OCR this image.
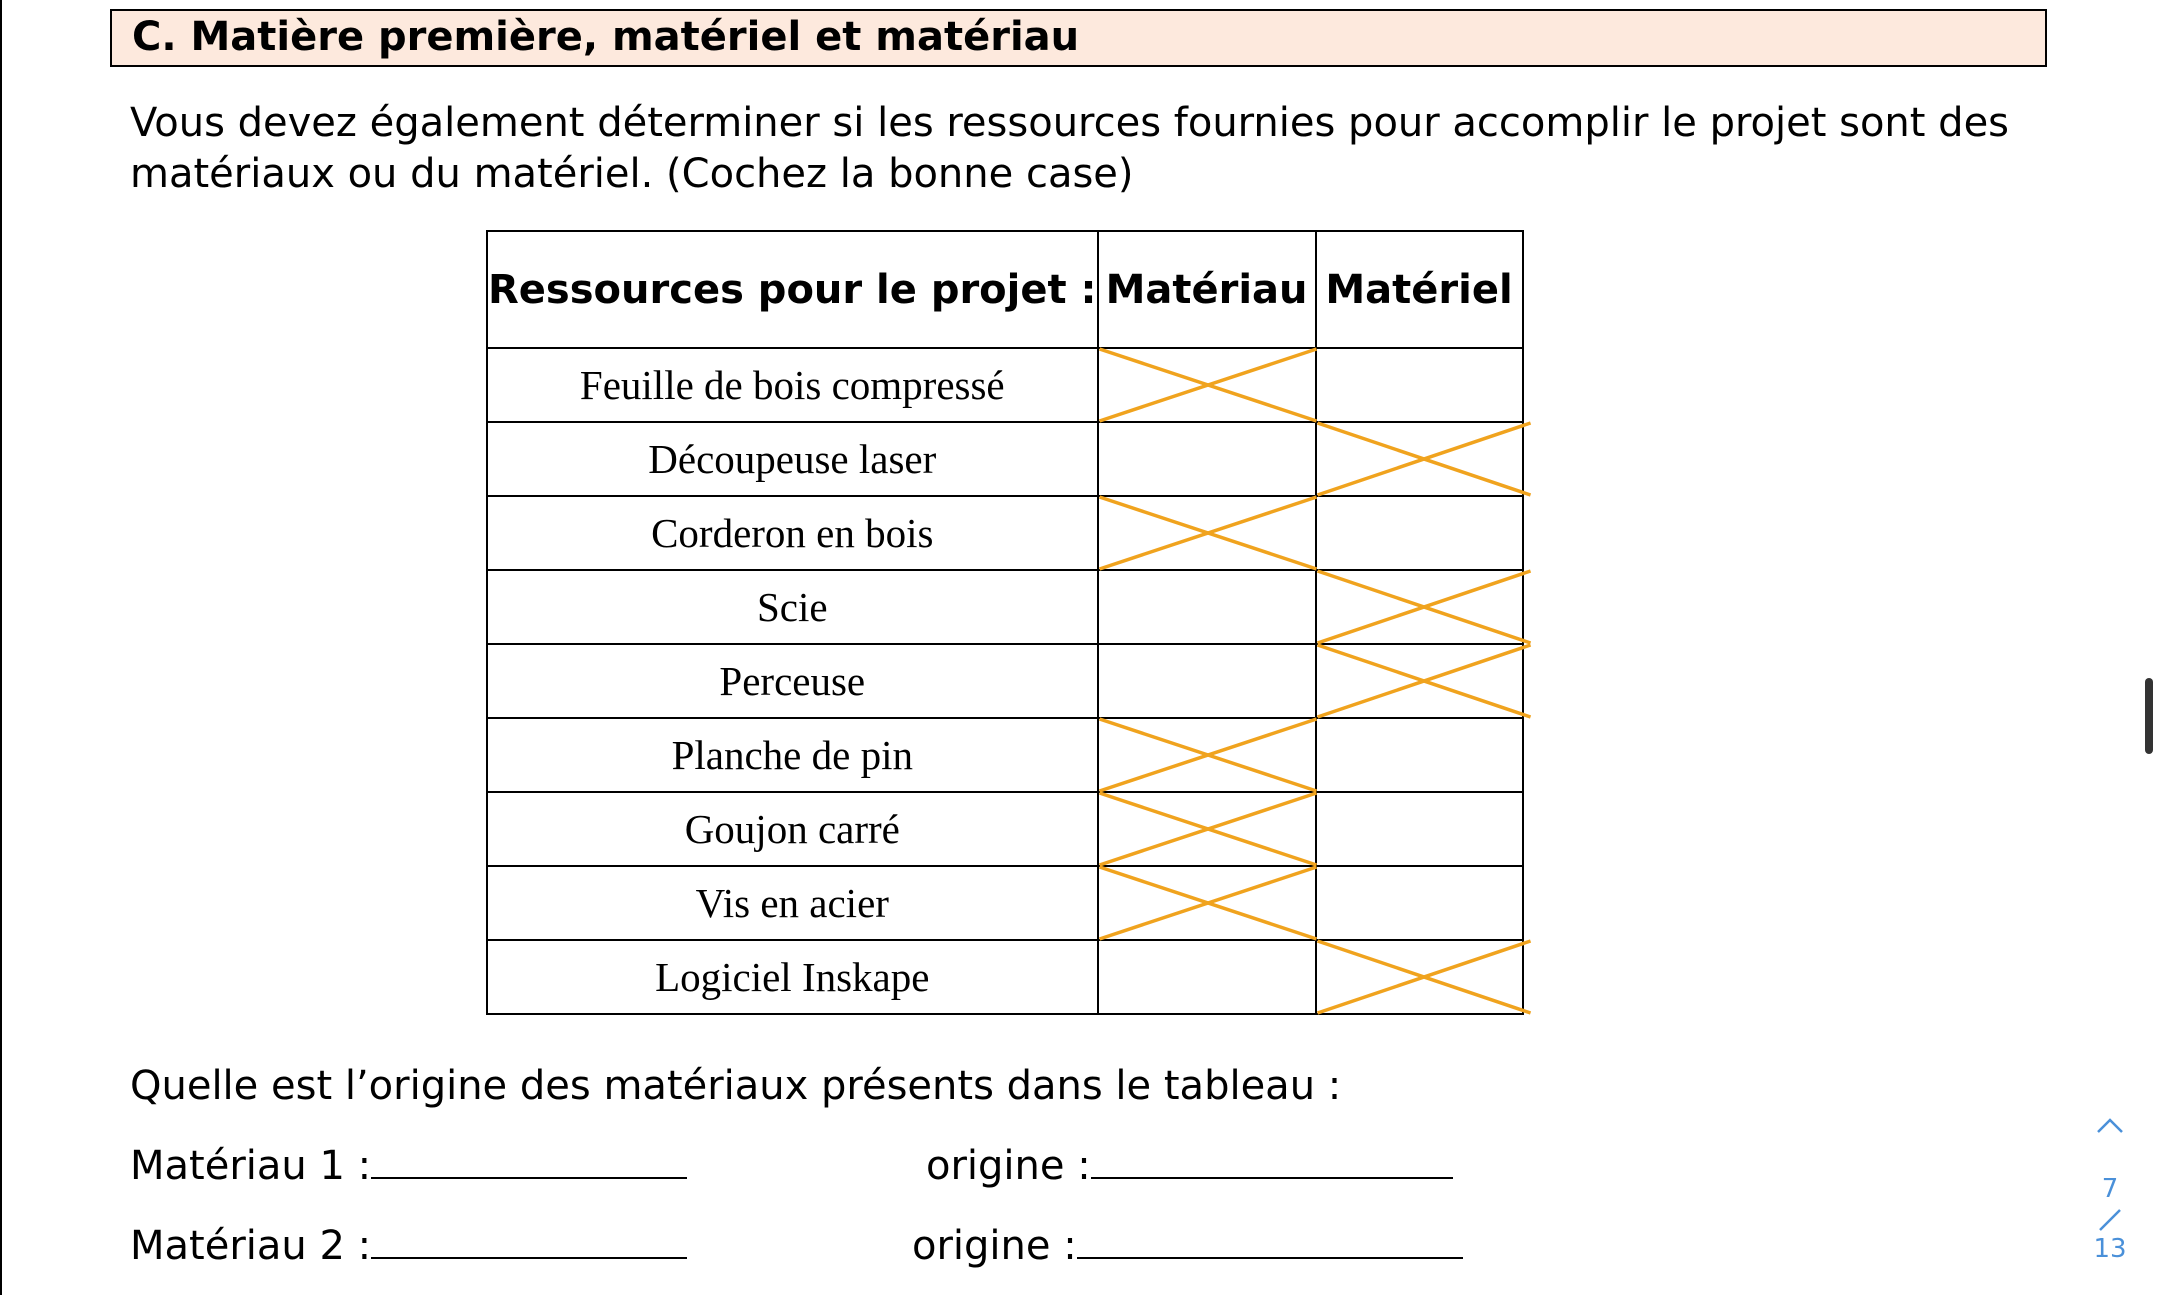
C. Matière première, matériel et matériau
Vous devez également déterminer si les ressources fournies pour accomplir le projet sont des matériaux ou du matériel. (Cochez la bonne case)
Ressources pour le projet :	Matériau	Matériel
Feuille de bois compressé		
Découpeuse laser		
Corderon en bois		
Scie		
Perceuse		
Planche de pin		
Goujon carré		
Vis en acier		
Logiciel Inskape		
Quelle est l’origine des matériaux présents dans le tableau :
Matériau 1 :	origine :
Matériau 2 :	origine :
7
13
